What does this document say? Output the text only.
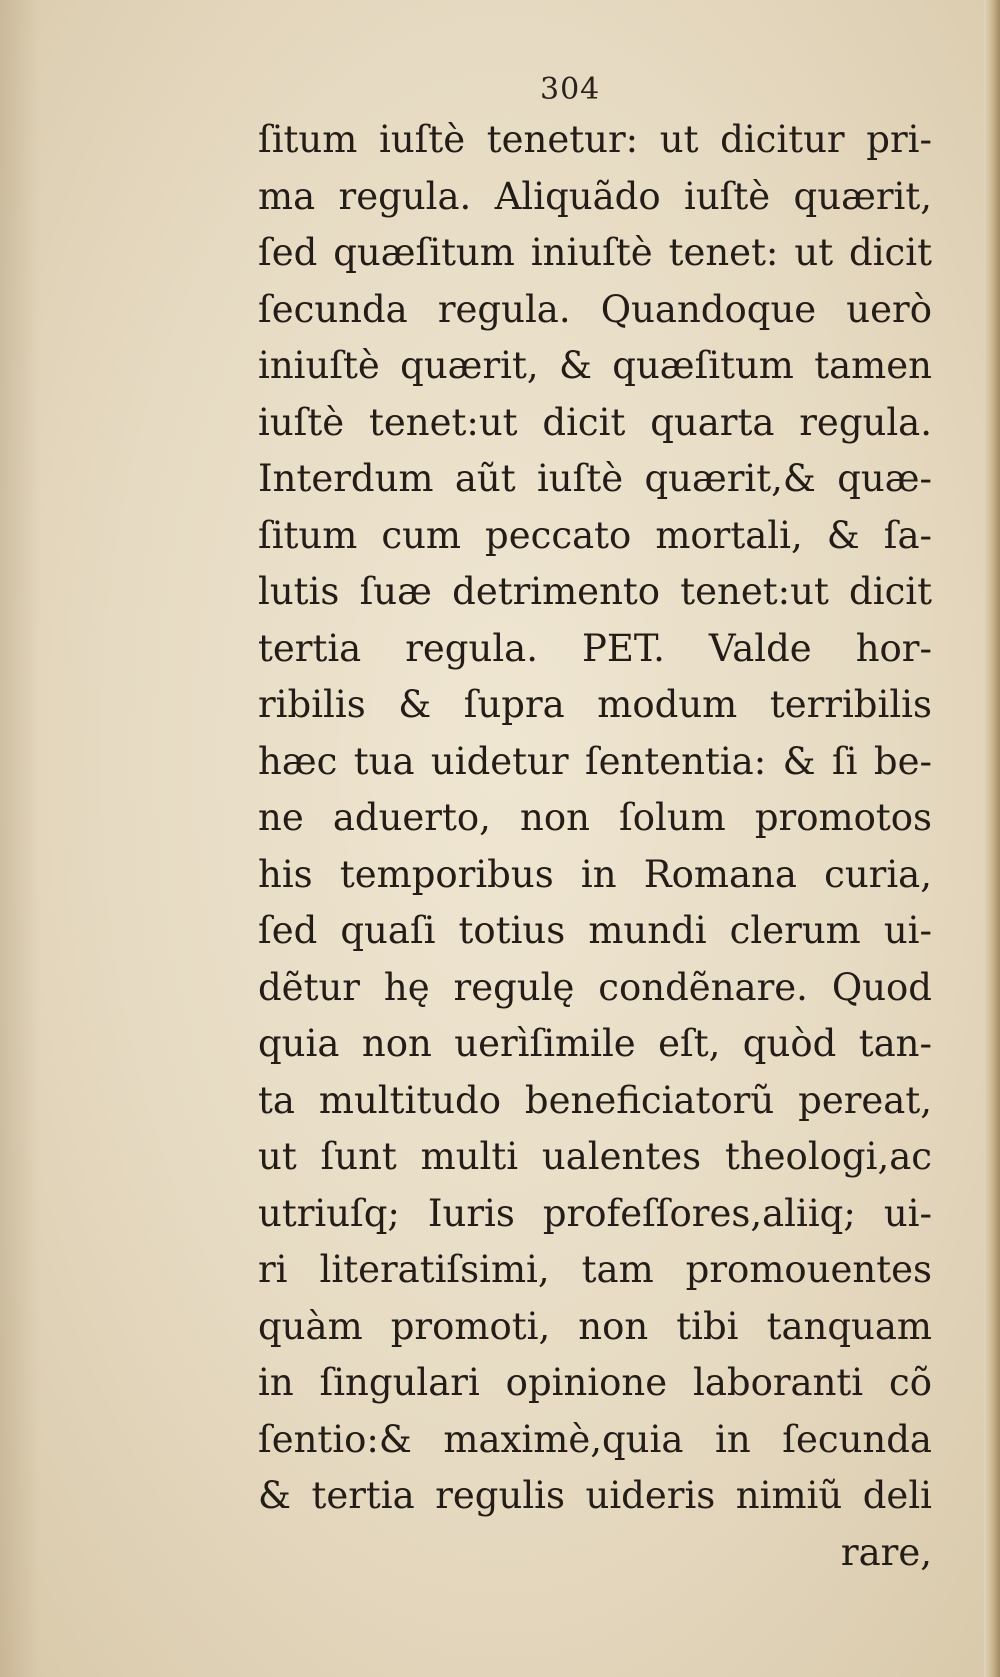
304
ſitum iuſtè tenetur: ut dicitur pri-
ma regula. Aliquãdo iuſtè quærit,
ſed quæſitum iniuſtè tenet: ut dicit
ſecunda regula. Quandoque uerò
iniuſtè quærit, & quæſitum tamen
iuſtè tenet:ut dicit quarta regula.
Interdum aũt iuſtè quærit,& quæ-
ſitum cum peccato mortali, & ſa-
lutis ſuæ detrimento tenet:ut dicit
tertia regula. PET. Valde hor-
ribilis & ſupra modum terribilis
hæc tua uidetur ſententia: & ſi be-
ne aduerto, non ſolum promotos
his temporibus in Romana curia,
ſed quaſi totius mundi clerum ui-
dẽtur hę regulę condẽnare. Quod
quia non uerìſimile eſt, quòd tan-
ta multitudo beneficiatorũ pereat,
ut ſunt multi ualentes theologi,ac
utriuſq; Iuris profeſſores,aliiq; ui-
ri literatiſsimi, tam promouentes
quàm promoti, non tibi tanquam
in ſingulari opinione laboranti cõ
ſentio:& maximè,quia in ſecunda
& tertia regulis uideris nimiũ deli
rare,
